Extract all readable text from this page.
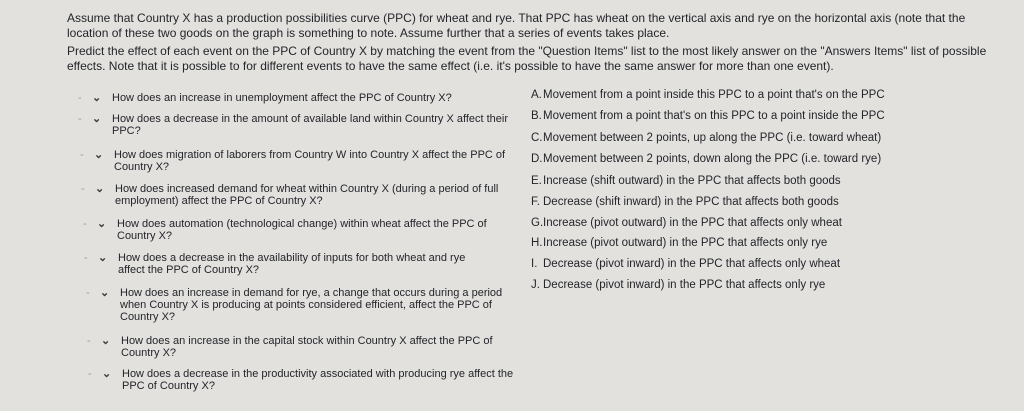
Assume that Country X has a production possibilities curve (PPC) for wheat and rye. That PPC has wheat on the vertical axis and rye on the horizontal axis (note that the location of these two goods on the graph is something to note. Assume further that a series of events takes place.

Predict the effect of each event on the PPC of Country X by matching the event from the "Question Items" list to the most likely answer on the "Answers Items" list of possible effects. Note that it is possible to for different events to have the same effect (i.e. it's possible to have the same answer for more than one event).

- ⌄ How does an increase in unemployment affect the PPC of Country X?
- ⌄ How does a decrease in the amount of available land within Country X affect their PPC?
- ⌄ How does migration of laborers from Country W into Country X affect the PPC of Country X?
- ⌄ How does increased demand for wheat within Country X (during a period of full employment) affect the PPC of Country X?
- ⌄ How does automation (technological change) within wheat affect the PPC of Country X?
- ⌄ How does a decrease in the availability of inputs for both wheat and rye affect the PPC of Country X?
- ⌄ How does an increase in demand for rye, a change that occurs during a period when Country X is producing at points considered efficient, affect the PPC of Country X?
- ⌄ How does an increase in the capital stock within Country X affect the PPC of Country X?
- ⌄ How does a decrease in the productivity associated with producing rye affect the PPC of Country X?
A. Movement from a point inside this PPC to a point that's on the PPC
B. Movement from a point that's on this PPC to a point inside the PPC
C. Movement between 2 points, up along the PPC (i.e. toward wheat)
D. Movement between 2 points, down along the PPC (i.e. toward rye)
E. Increase (shift outward) in the PPC that affects both goods
F. Decrease (shift inward) in the PPC that affects both goods
G. Increase (pivot outward) in the PPC that affects only wheat
H. Increase (pivot outward) in the PPC that affects only rye
I. Decrease (pivot inward) in the PPC that affects only wheat
J. Decrease (pivot inward) in the PPC that affects only rye
